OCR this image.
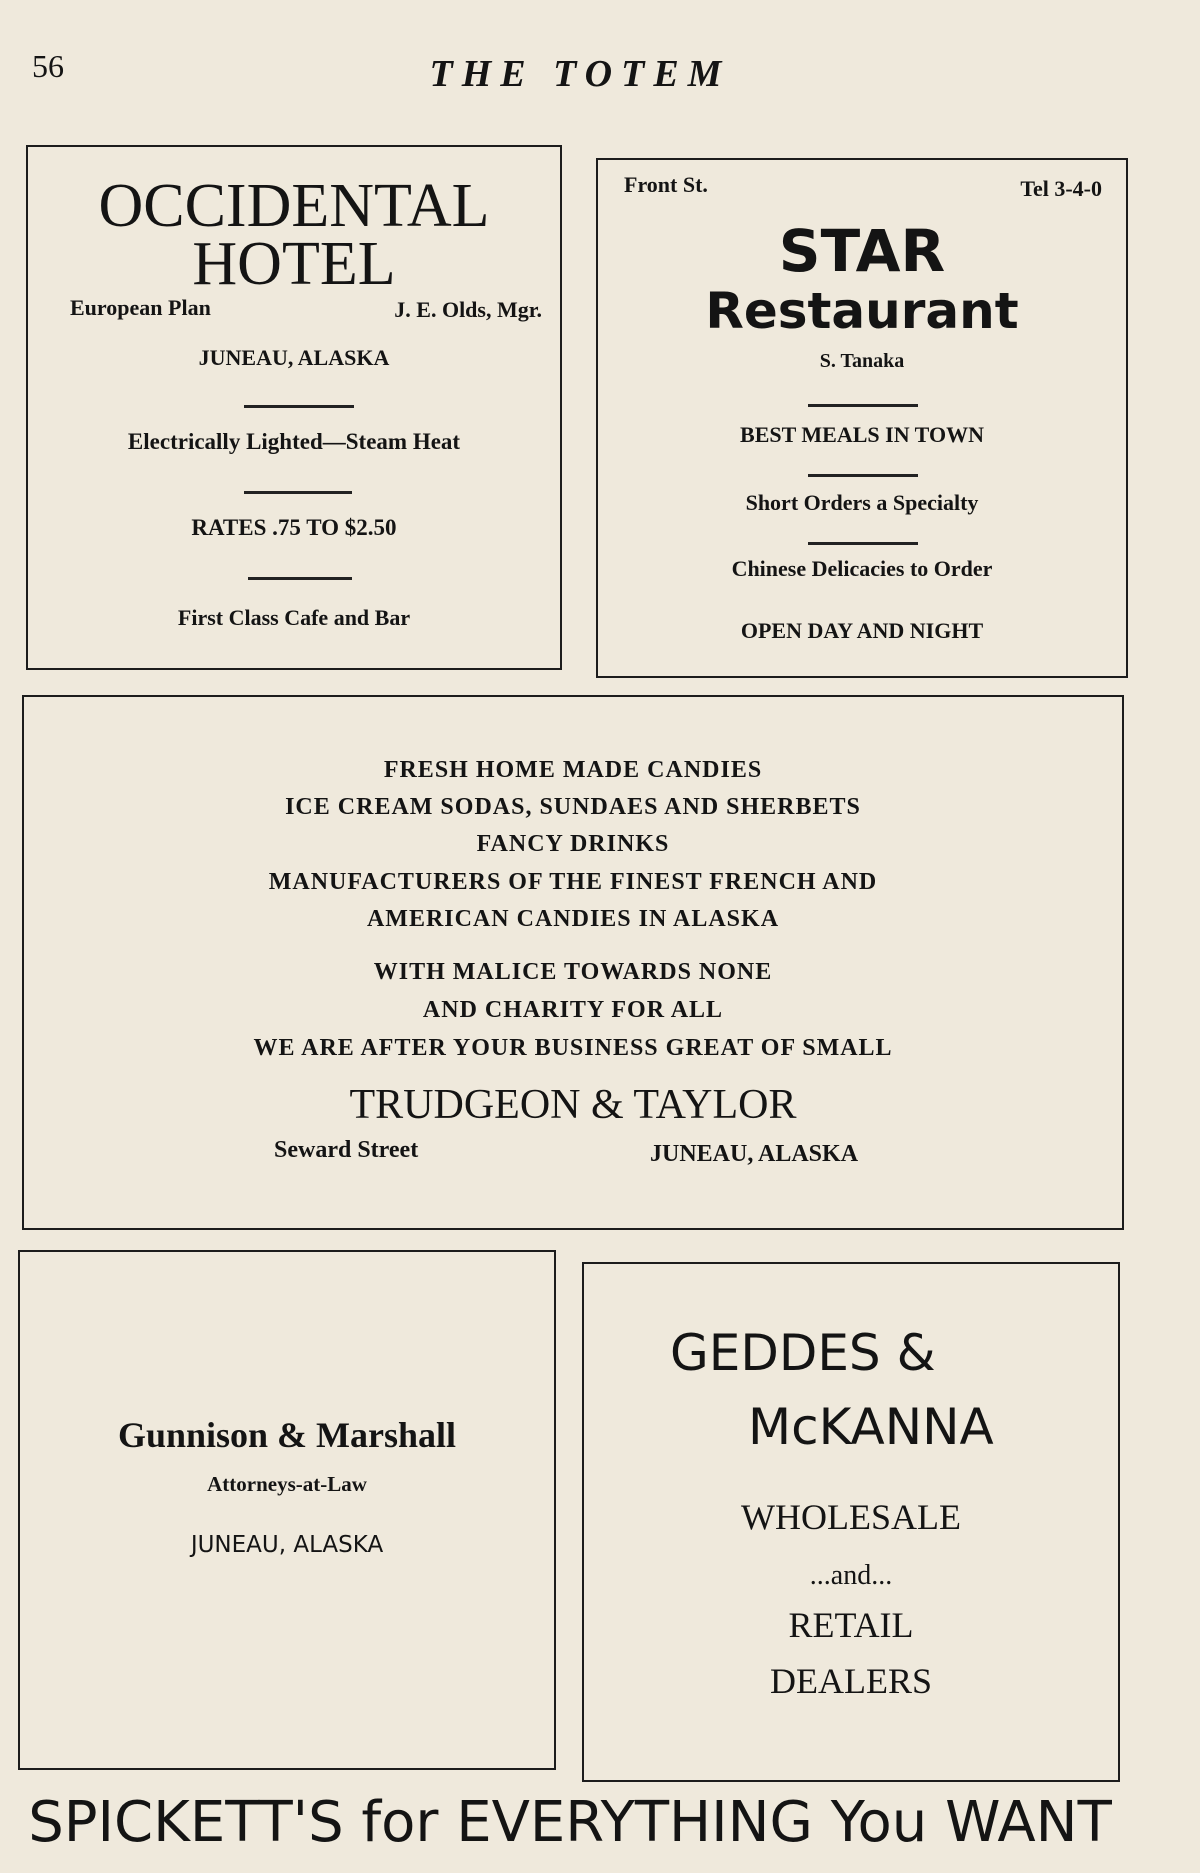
56	THE TOTEM
OCCIDENTAL
HOTEL
European Plan	J. E. Olds, Mgr.
JUNEAU, ALASKA
Electrically Lighted—Steam Heat
RATES .75 TO $2.50
First Class Cafe and Bar
Front St.	Tel 3-4-0
STAR
Restaurant
S. Tanaka
BEST MEALS IN TOWN
Short Orders a Specialty
Chinese Delicacies to Order
OPEN DAY AND NIGHT
FRESH HOME MADE CANDIES
ICE CREAM SODAS, SUNDAES AND SHERBETS
FANCY DRINKS
MANUFACTURERS OF THE FINEST FRENCH AND
AMERICAN CANDIES IN ALASKA
WITH MALICE TOWARDS NONE
AND CHARITY FOR ALL
WE ARE AFTER YOUR BUSINESS GREAT OF SMALL
TRUDGEON & TAYLOR
Seward Street	JUNEAU, ALASKA
Gunnison & Marshall
Attorneys-at-Law
JUNEAU, ALASKA
GEDDES &
McKANNA
WHOLESALE
...and...
RETAIL
DEALERS
SPICKETT'S for EVERYTHING You WANT
